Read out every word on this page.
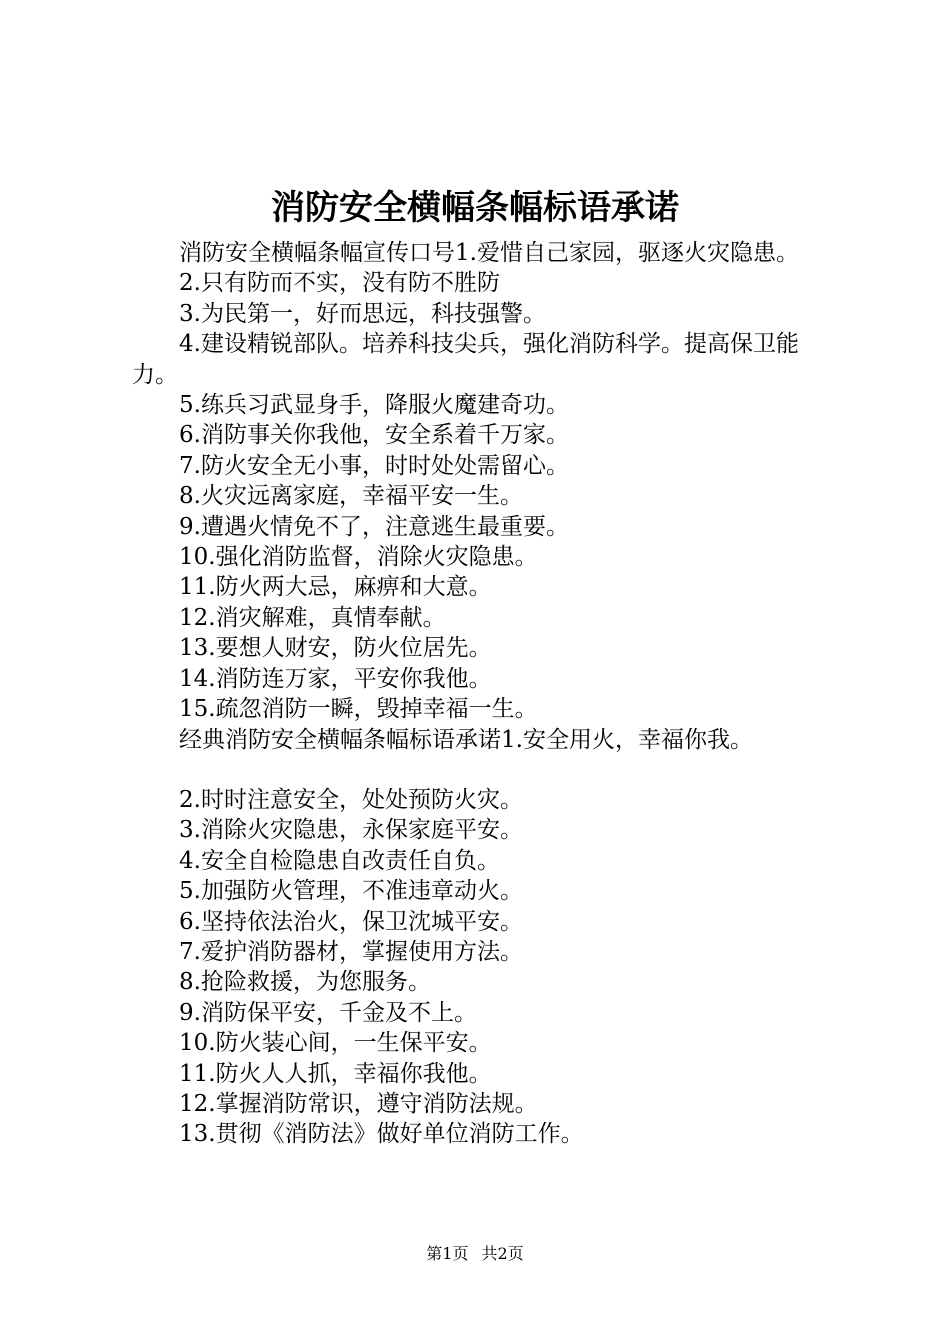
消防安全横幅条幅标语承诺

消防安全横幅条幅宣传口号1.爱惜自己家园，驱逐火灾隐患。

2.只有防而不实，没有防不胜防

3.为民第一，好而思远，科技强警。

4.建设精锐部队。培养科技尖兵，强化消防科学。提高保卫能力。

5.练兵习武显身手，降服火魔建奇功。

6.消防事关你我他，安全系着千万家。

7.防火安全无小事，时时处处需留心。

8.火灾远离家庭，幸福平安一生。

9.遭遇火情免不了，注意逃生最重要。

10.强化消防监督，消除火灾隐患。

11.防火两大忌，麻痹和大意。

12.消灾解难，真情奉献。

13.要想人财安，防火位居先。

14.消防连万家，平安你我他。

15.疏忽消防一瞬，毁掉幸福一生。

经典消防安全横幅条幅标语承诺1.安全用火，幸福你我。

2.时时注意安全，处处预防火灾。

3.消除火灾隐患，永保家庭平安。

4.安全自检隐患自改责任自负。

5.加强防火管理，不准违章动火。

6.坚持依法治火，保卫沈城平安。

7.爱护消防器材，掌握使用方法。

8.抢险救援，为您服务。

9.消防保平安，千金及不上。

10.防火装心间，一生保平安。

11.防火人人抓，幸福你我他。

12.掌握消防常识，遵守消防法规。

13.贯彻《消防法》做好单位消防工作。

第1页 共2页
